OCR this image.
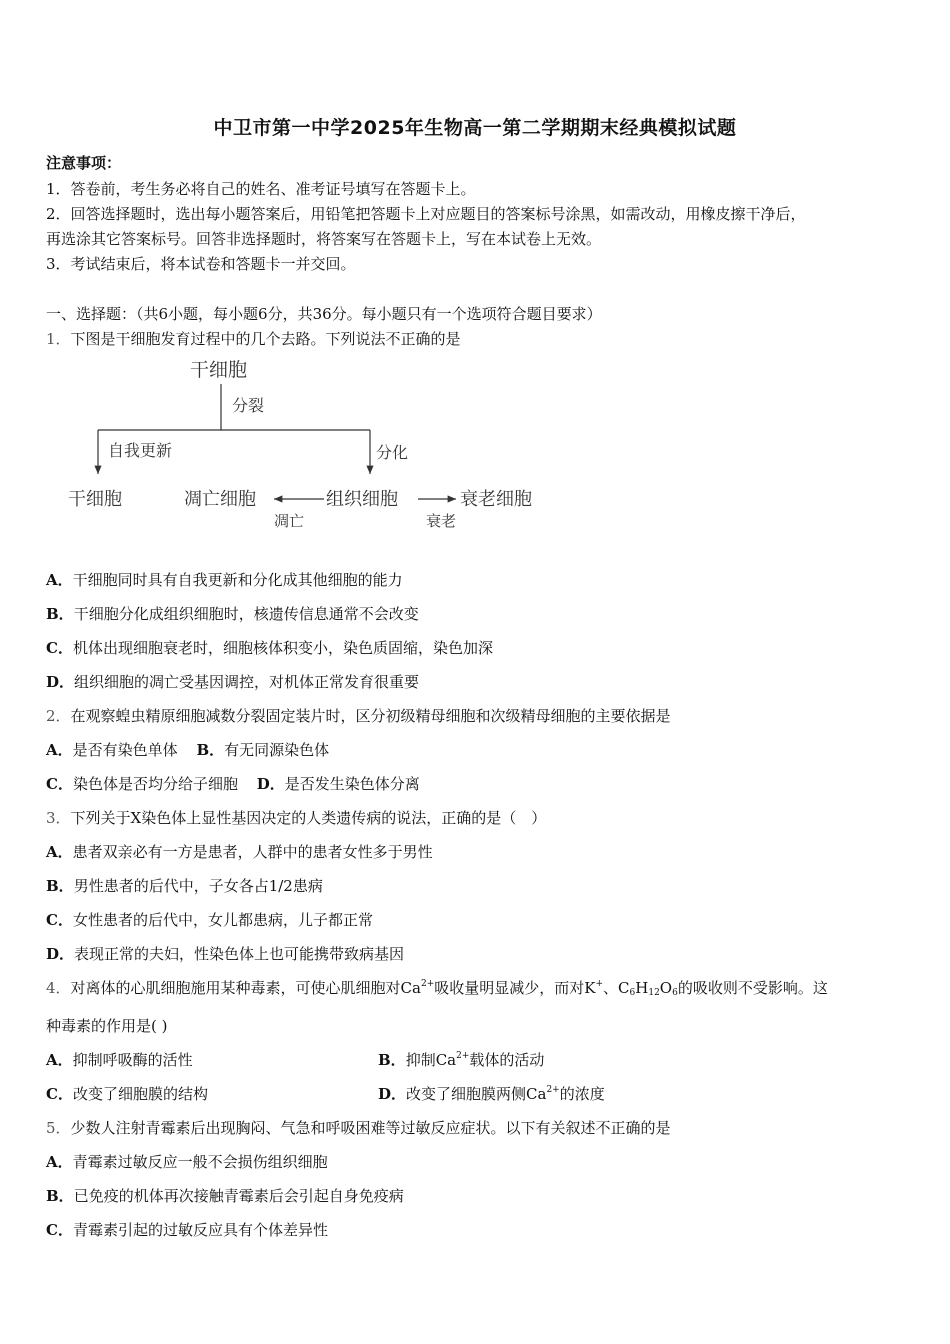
中卫市第一中学2025年生物高一第二学期期末经典模拟试题
注意事项：
1．答卷前，考生务必将自己的姓名、准考证号填写在答题卡上。
2．回答选择题时，选出每小题答案后，用铅笔把答题卡上对应题目的答案标号涂黑，如需改动，用橡皮擦干净后，
再选涂其它答案标号。回答非选择题时，将答案写在答题卡上，写在本试卷上无效。
3．考试结束后，将本试卷和答题卡一并交回。
一、选择题：（共6小题，每小题6分，共36分。每小题只有一个选项符合题目要求）
1．下图是干细胞发育过程中的几个去路。下列说法不正确的是
干细胞
分裂
自我更新	分化
干细胞	凋亡细胞	组织细胞	衰老细胞
凋亡	衰老
A．干细胞同时具有自我更新和分化成其他细胞的能力
B．干细胞分化成组织细胞时，核遗传信息通常不会改变
C．机体出现细胞衰老时，细胞核体积变小，染色质固缩，染色加深
D．组织细胞的凋亡受基因调控，对机体正常发育很重要
2．在观察蝗虫精原细胞减数分裂固定装片时，区分初级精母细胞和次级精母细胞的主要依据是
A．是否有染色单体 B．有无同源染色体
C．染色体是否均分给子细胞 D．是否发生染色体分离
3．下列关于X染色体上显性基因决定的人类遗传病的说法，正确的是（　）
A．患者双亲必有一方是患者，人群中的患者女性多于男性
B．男性患者的后代中，子女各占1/2患病
C．女性患者的后代中，女儿都患病，儿子都正常
D．表现正常的夫妇，性染色体上也可能携带致病基因
4．对离体的心肌细胞施用某种毒素，可使心肌细胞对$Ca^{2+}$吸收量明显减少，而对K+、$C_6H_{12}O_6$的吸收则不受影响。这
种毒素的作用是( )
A．抑制呼吸酶的活性	B．抑制$Ca^{2+}$载体的活动
C．改变了细胞膜的结构	D．改变了细胞膜两侧$Ca^{2+}$的浓度
5．少数人注射青霉素后出现胸闷、气急和呼吸困难等过敏反应症状。以下有关叙述不正确的是
A．青霉素过敏反应一般不会损伤组织细胞
B．已免疫的机体再次接触青霉素后会引起自身免疫病
C．青霉素引起的过敏反应具有个体差异性
